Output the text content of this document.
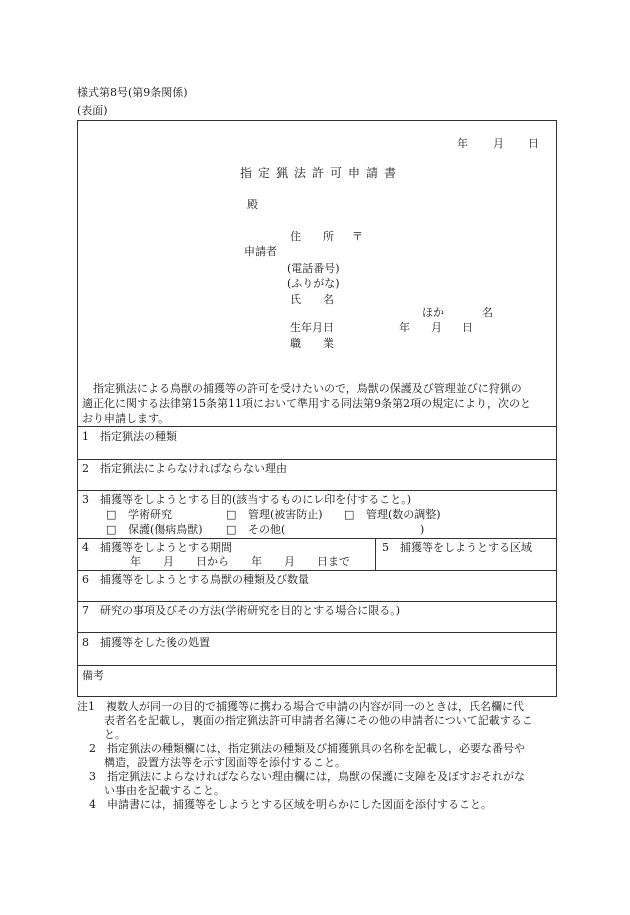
様式第8号(第9条関係)
(表面)
年 月 日
指定猟法許可申請書
殿
住　　所 〒
申請者
(電話番号)
(ふりがな)
氏　　名
ほか	名
生年月日	年 月 日
職　　業
指定猟法による鳥獣の捕獲等の許可を受けたいので，鳥獣の保護及び管理並びに狩猟の
適正化に関する法律第15条第11項において準用する同法第9条第2項の規定により，次のと
おり申請します。
1　指定猟法の種類
2　指定猟法によらなければならない理由
3　捕獲等をしようとする目的(該当するものにレ印を付すること。)
□ 学術研究	□ 管理(被害防止) □ 管理(数の調整)
□ 保護(傷病鳥獣) □ その他(	)
4　捕獲等をしようとする期間
年　　月　　日から　　年　　月　　日まで
5　捕獲等をしようとする区域
6　捕獲等をしようとする鳥獣の種類及び数量
7　研究の事項及びその方法(学術研究を目的とする場合に限る。)
8　捕獲等をした後の処置
備考
注1　複数人が同一の目的で捕獲等に携わる場合で申請の内容が同一のときは，氏名欄に代
表者名を記載し，裏面の指定猟法許可申請者名簿にその他の申請者について記載するこ
と。
2　指定猟法の種類欄には，指定猟法の種類及び捕獲猟具の名称を記載し，必要な番号や
構造，設置方法等を示す図面等を添付すること。
3　指定猟法によらなければならない理由欄には，鳥獣の保護に支障を及ぼすおそれがな
い事由を記載すること。
4　申請書には，捕獲等をしようとする区域を明らかにした図面を添付すること。
